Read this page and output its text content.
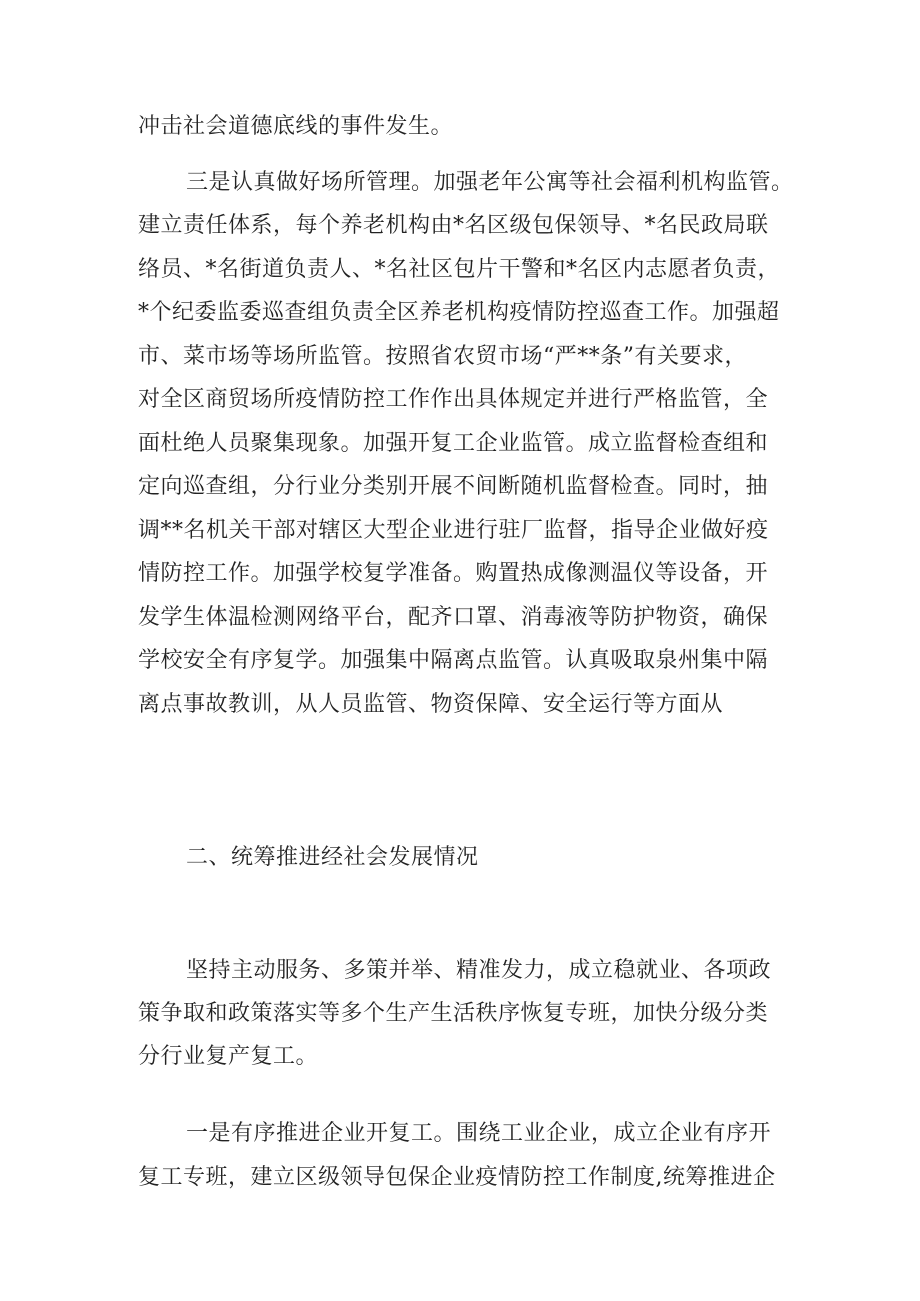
冲击社会道德底线的事件发生。
三是认真做好场所管理。加强老年公寓等社会福利机构监管。
建立责任体系，每个养老机构由*名区级包保领导、*名民政局联
络员、*名街道负责人、*名社区包片干警和*名区内志愿者负责，
*个纪委监委巡查组负责全区养老机构疫情防控巡查工作。加强超
市、菜市场等场所监管。按照省农贸市场“严**条”有关要求，
对全区商贸场所疫情防控工作作出具体规定并进行严格监管，全
面杜绝人员聚集现象。加强开复工企业监管。成立监督检查组和
定向巡查组，分行业分类别开展不间断随机监督检查。同时，抽
调**名机关干部对辖区大型企业进行驻厂监督，指导企业做好疫
情防控工作。加强学校复学准备。购置热成像测温仪等设备，开
发学生体温检测网络平台，配齐口罩、消毒液等防护物资，确保
学校安全有序复学。加强集中隔离点监管。认真吸取泉州集中隔
离点事故教训，从人员监管、物资保障、安全运行等方面从
二、统筹推进经社会发展情况
坚持主动服务、多策并举、精准发力，成立稳就业、各项政
策争取和政策落实等多个生产生活秩序恢复专班，加快分级分类
分行业复产复工。
一是有序推进企业开复工。围绕工业企业，成立企业有序开
复工专班，建立区级领导包保企业疫情防控工作制度,统筹推进企
